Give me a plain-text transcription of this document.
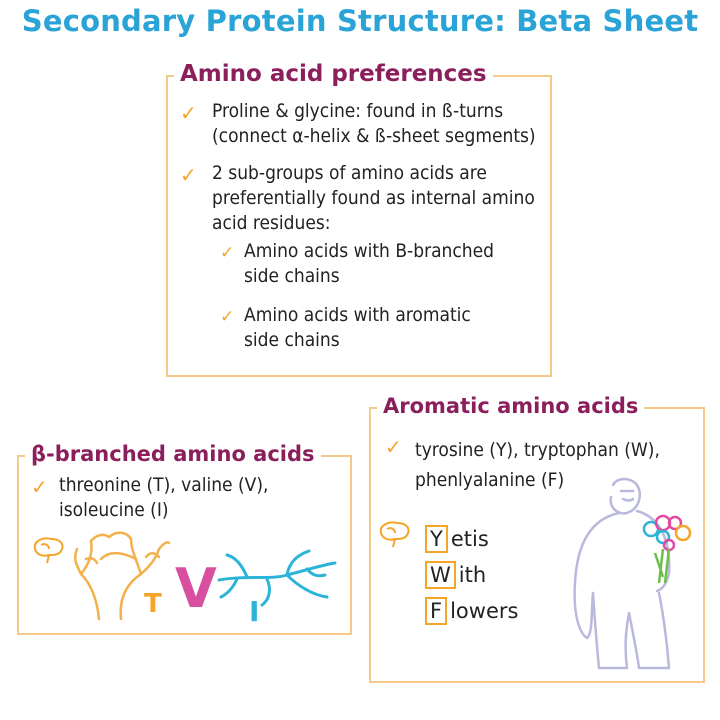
Secondary Protein Structure: Beta Sheet
Amino acid preferences
✓ Proline & glycine: found in ß-turns
(connect α-helix & ß-sheet segments)
✓ 2 sub-groups of amino acids are
preferentially found as internal amino
acid residues:
✓ Amino acids with B-branched
side chains
✓ Amino acids with aromatic
side chains
β-branched amino acids
✓ threonine (T), valine (V),
isoleucine (I)
T V I
Aromatic amino acids
✓ tyrosine (Y), tryptophan (W),
phenlyalanine (F)
Y etis
W ith
F lowers
